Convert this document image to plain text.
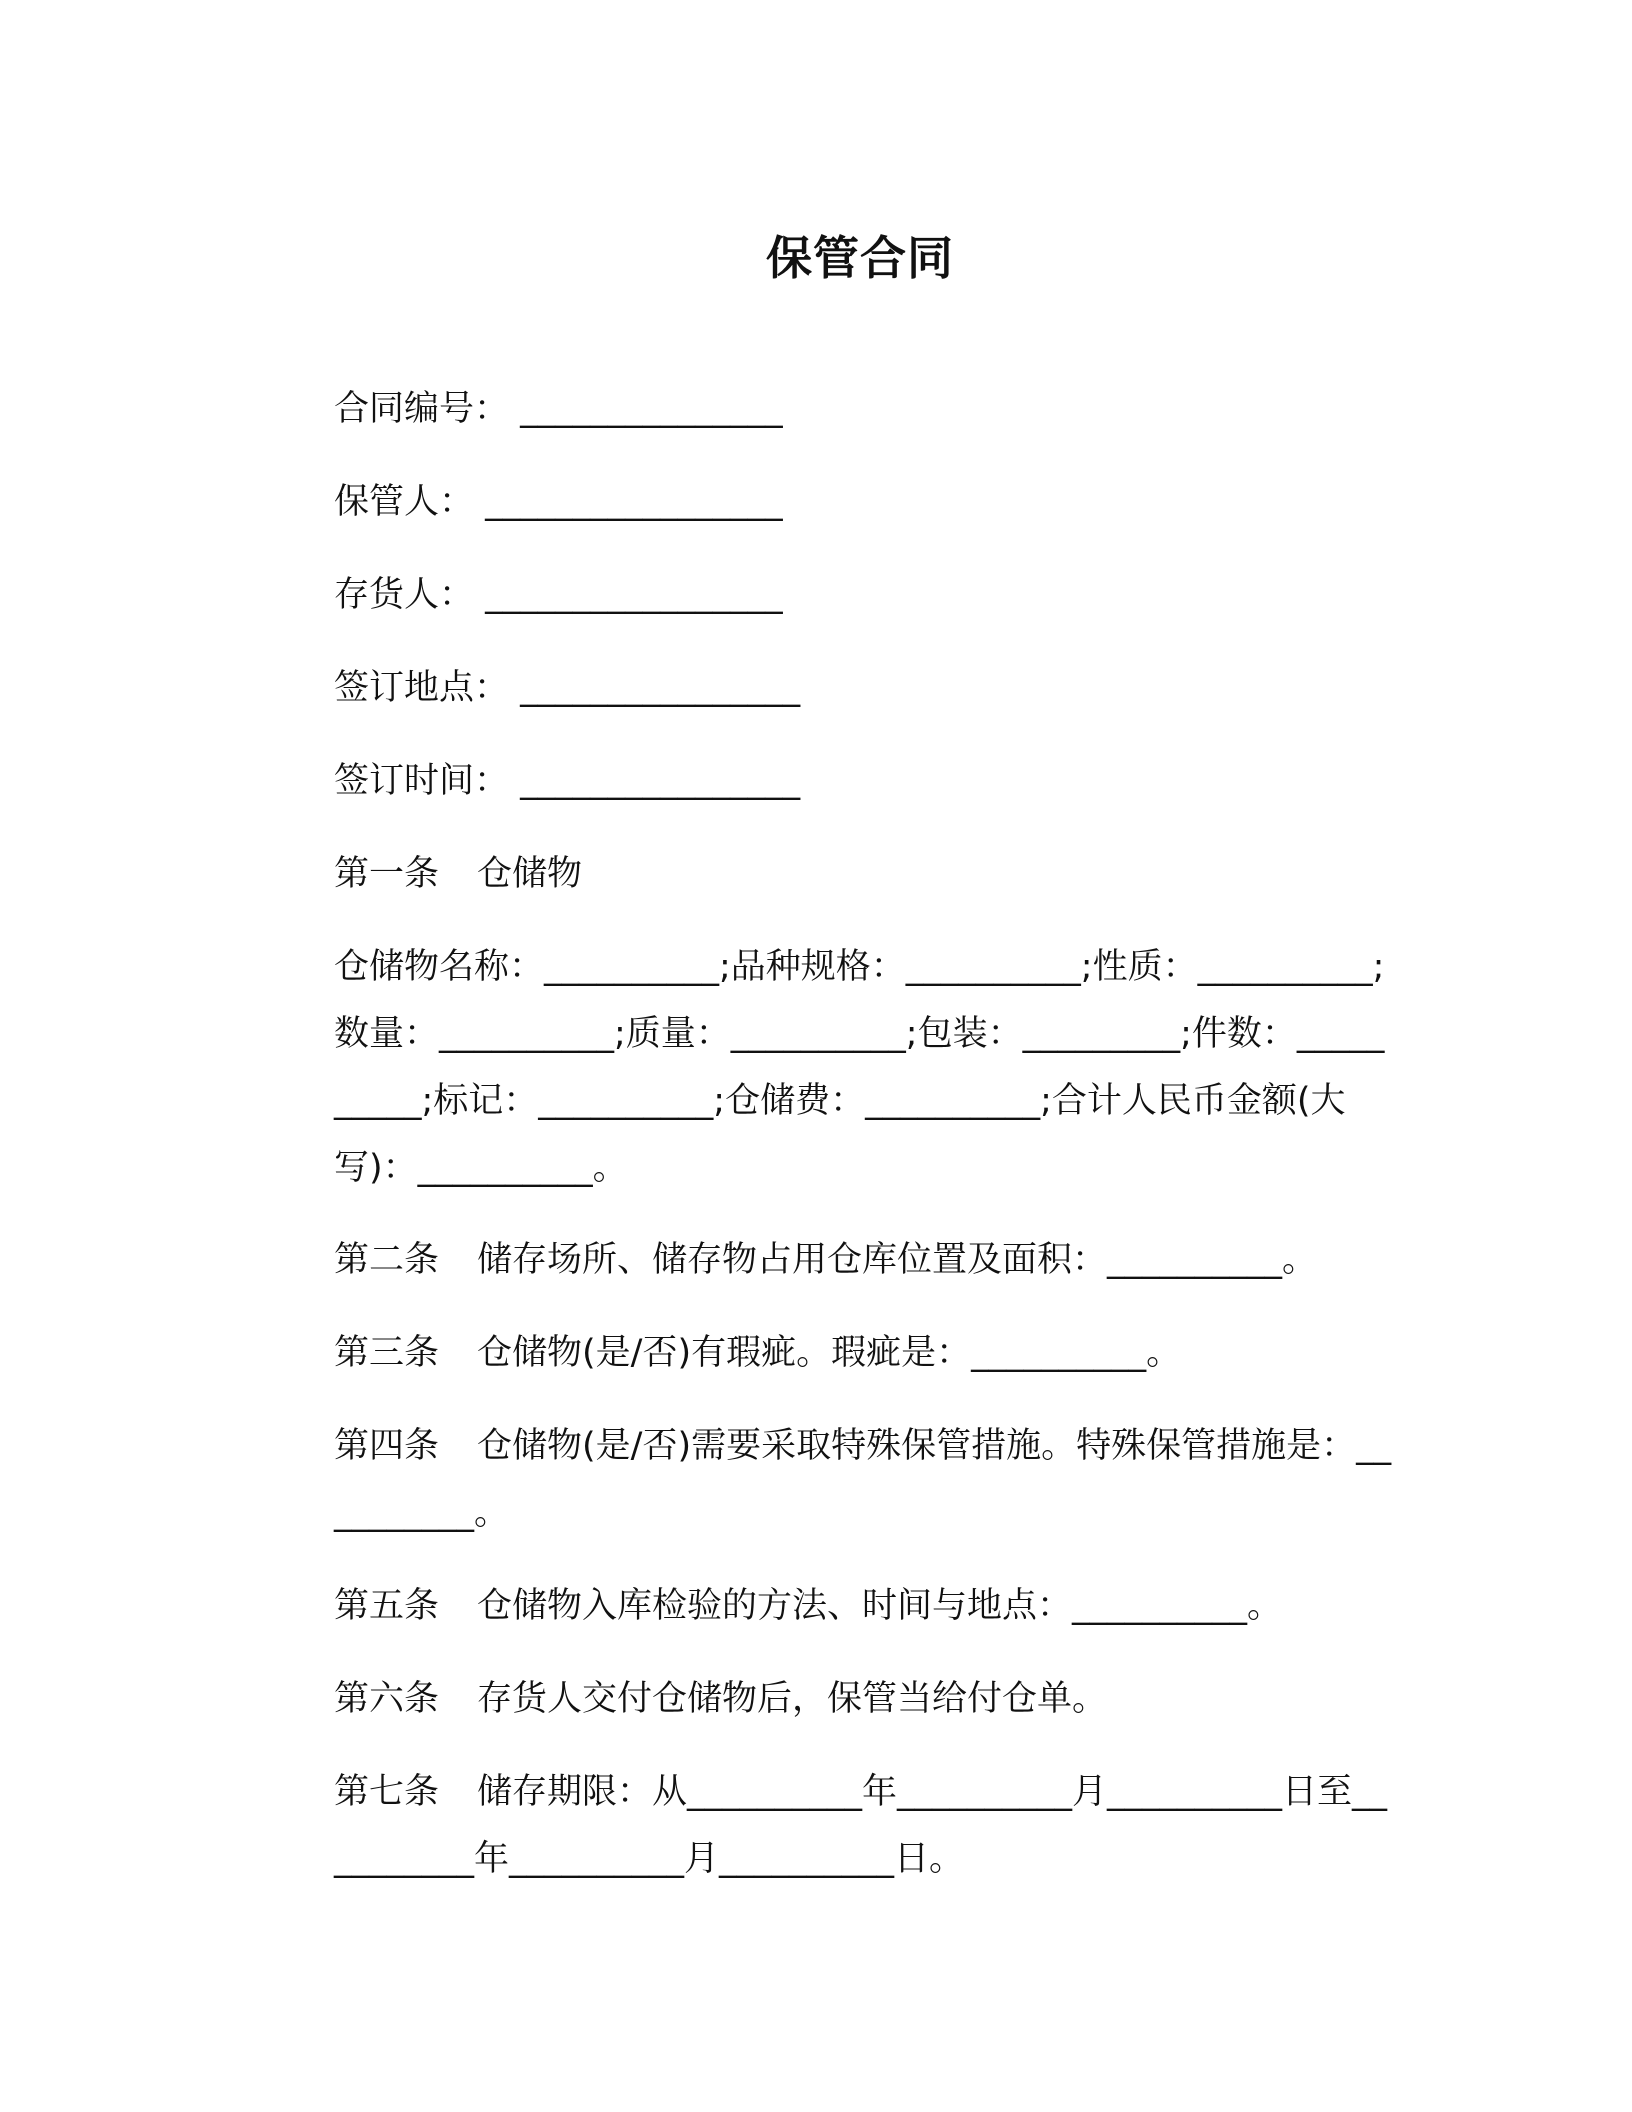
保管合同
合同编号： _______________
保管人： _________________
存货人： _________________
签订地点： ________________
签订时间： ________________
第一条 仓储物
仓储物名称：__________;品种规格：__________;性质：__________;数量：__________;质量：__________;包装：_________;件数：__________;标记：__________;仓储费：__________;合计人民币金额(大写)：__________。
第二条 储存场所、储存物占用仓库位置及面积：__________。
第三条 仓储物(是/否)有瑕疵。瑕疵是：__________。
第四条 仓储物(是/否)需要采取特殊保管措施。特殊保管措施是：__________。
第五条 仓储物入库检验的方法、时间与地点：__________。
第六条 存货人交付仓储物后，保管当给付仓单。
第七条 储存期限：从__________年__________月__________日至__________年__________月__________日。
